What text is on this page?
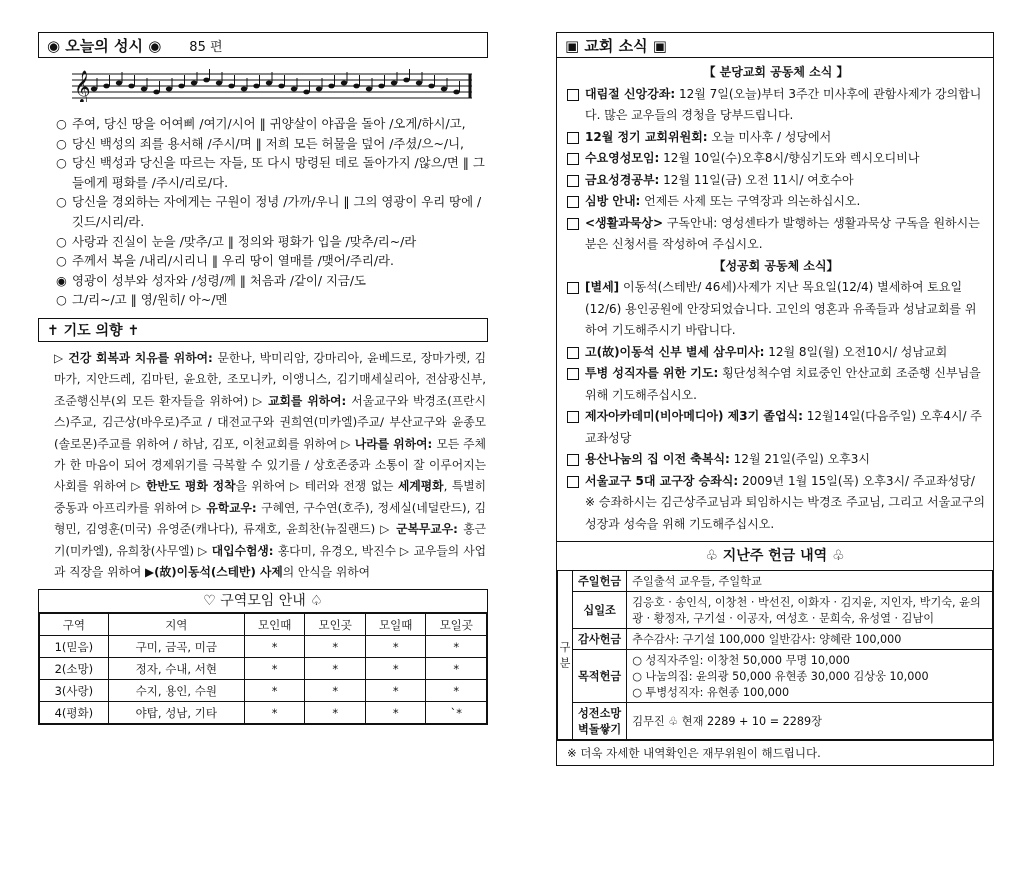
◉ 오늘의 성시 ◉ 85 편
𝄞
○ 주여, 당신 땅을 어여삐 /여기/시어 ‖ 귀양살이 야곱을 돌아 /오게/하시/고,
○ 당신 백성의 죄를 용서해 /주시/며 ‖ 저희 모든 허물을 덮어 /주셨/으~/니,
○ 당신 백성과 당신을 따르는 자들, 또 다시 망령된 데로 돌아가지 /않으/면 ‖ 그들에게 평화를 /주시/리로/다.
○ 당신을 경외하는 자에게는 구원이 정녕 /가까/우니 ‖ 그의 영광이 우리 땅에 /깃드/시리/라.
○ 사랑과 진실이 눈을 /맞추/고 ‖ 정의와 평화가 입을 /맞추/리~/라
○ 주께서 복을 /내리/시리니 ‖ 우리 땅이 열매를 /맺어/주리/라.
◉ 영광이 성부와 성자와 /성령/께 ‖ 처음과 /같이/ 지금/도
○ 그/리~/고 ‖ 영/원히/ 아~/멘
✝ 기도 의향 ✝
▷ 건강 회복과 치유를 위하여: 문한나, 박미리암, 강마리아, 윤베드로, 장마가렛, 김마가, 지안드레, 김마틴, 윤요한, 조모니카, 이앵니스, 김기매세실리아, 전삼광신부, 조준행신부(외 모든 환자들을 위하여) ▷ 교회를 위하여: 서울교구와 박경조(프란시스)주교, 김근상(바우로)주교 / 대전교구와 권희연(미카엘)주교/ 부산교구와 윤종모(솔로몬)주교를 위하여 / 하남, 김포, 이천교회를 위하여 ▷ 나라를 위하여: 모든 주체가 한 마음이 되어 경제위기를 극복할 수 있기를 / 상호존중과 소통이 잘 이루어지는 사회를 위하여 ▷ 한반도 평화 정착을 위하여 ▷ 테러와 전쟁 없는 세계평화, 특별히 중동과 아프리카를 위하여 ▷ 유학교우: 구혜연, 구수연(호주), 정세실(네덜란드), 김형민, 김영훈(미국) 유영준(캐나다), 류재호, 윤희찬(뉴질랜드) ▷ 군복무교우: 홍근기(미카엘), 유희창(사무엘) ▷ 대입수험생: 홍다미, 유경오, 박진수 ▷ 교우들의 사업과 직장을 위하여 ▶(故)이동석(스테반) 사제의 안식을 위하여
♡ 구역모임 안내 ♤
구역	지역	모인때	모인곳	모일때	모일곳
1(믿음)	구미, 금곡, 미금	*	*	*	*
2(소망)	정자, 수내, 서현	*	*	*	*
3(사랑)	수지, 용인, 수원	*	*	*	*
4(평화)	야탑, 성남, 기타	*	*	*	`*
▣ 교회 소식 ▣
【 분당교회 공동체 소식 】
대림절 신앙강좌: 12월 7일(오늘)부터 3주간 미사후에 관함사제가 강의합니다. 많은 교우들의 경청을 당부드립니다.
12월 정기 교회위원회: 오늘 미사후 / 성당에서
수요영성모임: 12월 10일(수)오후8시/향심기도와 렉시오디비나
금요성경공부: 12월 11일(금) 오전 11시/ 여호수아
심방 안내: 언제든 사제 또는 구역장과 의논하십시오.
<생활과묵상> 구독안내: 영성센타가 발행하는 생활과묵상 구독을 원하시는 분은 신청서를 작성하여 주십시오.
【성공회 공동체 소식】
[별세] 이동석(스테반/ 46세)사제가 지난 목요일(12/4) 별세하여 토요일(12/6) 용인공원에 안장되었습니다. 고인의 영혼과 유족들과 성남교회를 위하여 기도해주시기 바랍니다.
고(故)이동석 신부 별세 삼우미사: 12월 8일(월) 오전10시/ 성남교회
투병 성직자를 위한 기도: 횡단성척수염 치료중인 안산교회 조준행 신부님을 위해 기도해주십시오.
제자아카데미(비아메디아) 제3기 졸업식: 12월14일(다음주일) 오후4시/ 주교좌성당
용산나눔의 집 이전 축복식: 12월 21일(주일) 오후3시
서울교구 5대 교구장 승좌식: 2009년 1월 15일(목) 오후3시/ 주교좌성당/ ※ 승좌하시는 김근상주교님과 퇴임하시는 박경조 주교님, 그리고 서울교구의 성장과 성숙을 위해 기도해주십시오.
♧ 지난주 헌금 내역 ♧
구분	주일헌금	주일출석 교우들, 주일학교
	십일조	김응호 · 송인식, 이창천 · 박선진, 이화자 · 김지윤, 지인자, 박기숙, 윤의광 · 황정자, 구기설 · 이공자, 여성호 · 문희숙, 유성열 · 김남이
	감사헌금	추수감사: 구기설 100,000 일반감사: 양혜란 100,000
	목적헌금	○ 성직자주일: 이창천 50,000 무명 10,000
○ 나눔의집: 윤의광 50,000 유현종 30,000 김상웅 10,000
○ 투병성직자: 유현종 100,000
	성전소망
벽돌쌓기	김무진 ♧ 현재 2289 + 10 = 2289장
※ 더욱 자세한 내역확인은 재무위원이 해드립니다.
